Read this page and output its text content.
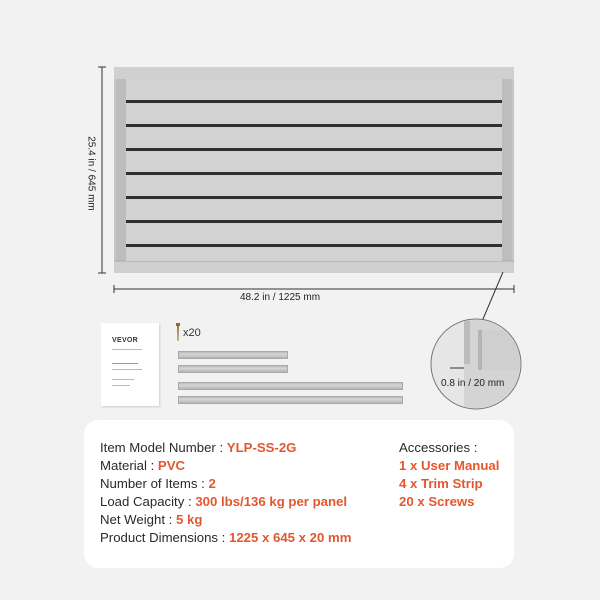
25.4 in / 645 mm
48.2 in / 1225 mm
0.8 in / 20 mm
VEVOR
x20
Item Model Number : YLP-SS-2G
Material : PVC
Number of Items : 2
Load Capacity : 300 lbs/136 kg per panel
Net Weight : 5 kg
Product Dimensions : 1225 x 645 x 20 mm
Accessories :
1 x User Manual
4 x Trim Strip
20 x Screws
